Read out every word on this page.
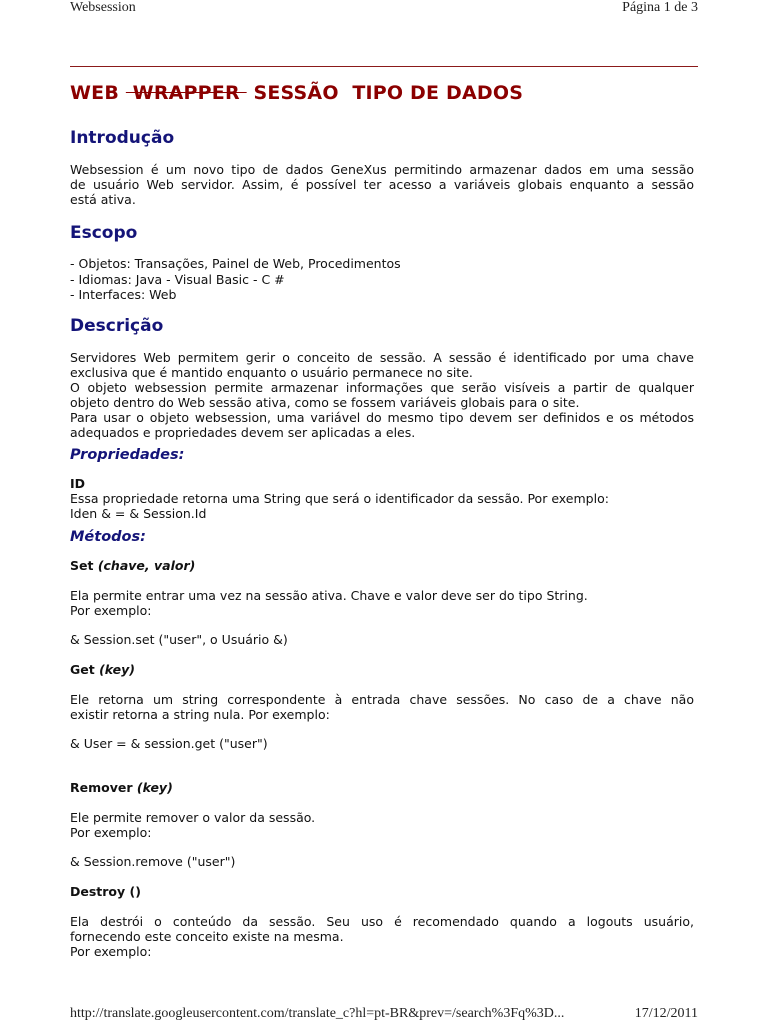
Websession	Página 1 de 3
WEB  WRAPPER  SESSÃO  TIPO DE DADOS
Introdução
Websession é um novo tipo de dados GeneXus permitindo armazenar dados em uma sessão
de usuário Web servidor. Assim, é possível ter acesso a variáveis globais enquanto a sessão
está ativa.
Escopo
- Objetos: Transações, Painel de Web, Procedimentos
- Idiomas: Java - Visual Basic - C #
- Interfaces: Web
Descrição
Servidores Web permitem gerir o conceito de sessão. A sessão é identificado por uma chave
exclusiva que é mantido enquanto o usuário permanece no site.
O objeto websession permite armazenar informações que serão visíveis a partir de qualquer
objeto dentro do Web sessão ativa, como se fossem variáveis globais para o site.
Para usar o objeto websession, uma variável do mesmo tipo devem ser definidos e os métodos
adequados e propriedades devem ser aplicadas a eles.
Propriedades:
ID
Essa propriedade retorna uma String que será o identificador da sessão. Por exemplo:
Iden & = & Session.Id
Métodos:
Set (chave, valor)
Ela permite entrar uma vez na sessão ativa. Chave e valor deve ser do tipo String.
Por exemplo:
& Session.set ("user", o Usuário &)
Get (key)
Ele retorna um string correspondente à entrada chave sessões. No caso de a chave não
existir retorna a string nula. Por exemplo:
& User = & session.get ("user")
Remover (key)
Ele permite remover o valor da sessão.
Por exemplo:
& Session.remove ("user")
Destroy ()
Ela destrói o conteúdo da sessão. Seu uso é recomendado quando a logouts usuário,
fornecendo este conceito existe na mesma.
Por exemplo:
http://translate.googleusercontent.com/translate_c?hl=pt-BR&prev=/search%3Fq%3D...	17/12/2011
